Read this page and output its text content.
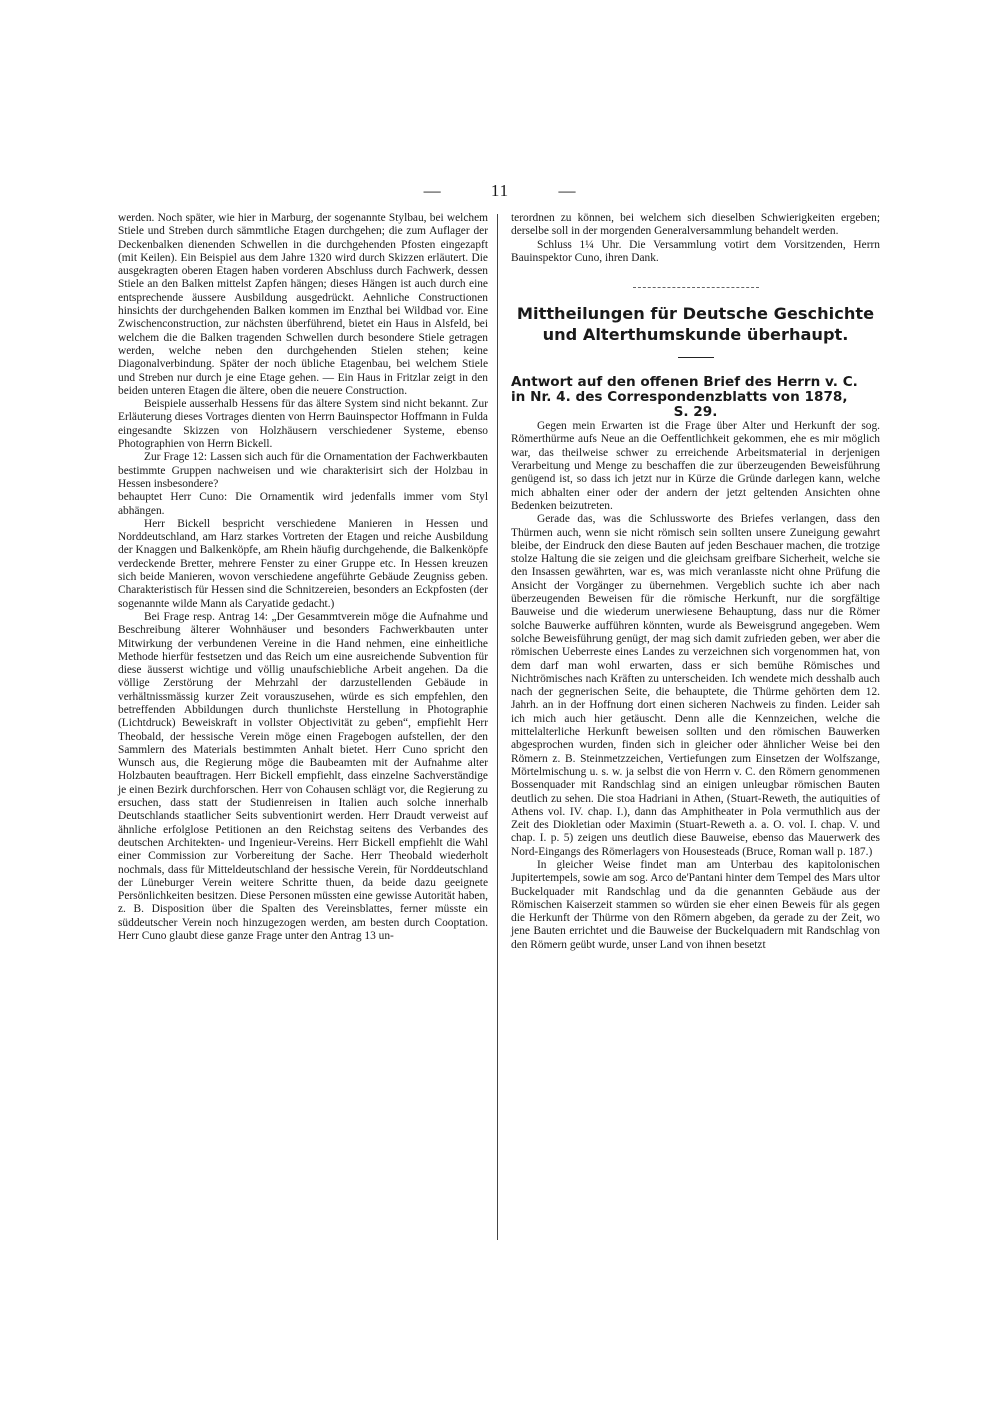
—	11	—

werden. Noch später, wie hier in Marburg, der sogenannte Stylbau, bei welchem Stiele und Streben durch sämmtliche Etagen durchgehen; die zum Auflager der Deckenbalken dienenden Schwellen in die durchgehenden Pfosten eingezapft (mit Keilen). Ein Beispiel aus dem Jahre 1320 wird durch Skizzen erläutert. Die ausgekragten oberen Etagen haben vorderen Abschluss durch Fachwerk, dessen Stiele an den Balken mittelst Zapfen hängen; dieses Hängen ist auch durch eine entsprechende äussere Ausbildung ausgedrückt. Aehnliche Constructionen hinsichts der durchgehenden Balken kommen im Enzthal bei Wildbad vor. Eine Zwischenconstruction, zur nächsten überführend, bietet ein Haus in Alsfeld, bei welchem die die Balken tragenden Schwellen durch besondere Stiele getragen werden, welche neben den durchgehenden Stielen stehen; keine Diagonalverbindung. Später der noch übliche Etagenbau, bei welchem Stiele und Streben nur durch je eine Etage gehen. — Ein Haus in Fritzlar zeigt in den beiden unteren Etagen die ältere, oben die neuere Construction.

Beispiele ausserhalb Hessens für das ältere System sind nicht bekannt. Zur Erläuterung dieses Vortrages dienten von Herrn Bauinspector Hoffmann in Fulda eingesandte Skizzen von Holzhäusern verschiedener Systeme, ebenso Photographien von Herrn Bickell.

Zur Frage 12: Lassen sich auch für die Ornamentation der Fachwerkbauten bestimmte Gruppen nachweisen und wie charakterisirt sich der Holzbau in Hessen insbesondere?

behauptet Herr Cuno: Die Ornamentik wird jedenfalls immer vom Styl abhängen.

Herr Bickell bespricht verschiedene Manieren in Hessen und Norddeutschland, am Harz starkes Vortreten der Etagen und reiche Ausbildung der Knaggen und Balkenköpfe, am Rhein häufig durchgehende, die Balkenköpfe verdeckende Bretter, mehrere Fenster zu einer Gruppe etc. In Hessen kreuzen sich beide Manieren, wovon verschiedene angeführte Gebäude Zeugniss geben. Charakteristisch für Hessen sind die Schnitzereien, besonders an Eckpfosten (der sogenannte wilde Mann als Caryatide gedacht.)

Bei Frage resp. Antrag 14: „Der Gesammtverein möge die Aufnahme und Beschreibung älterer Wohnhäuser und besonders Fachwerkbauten unter Mitwirkung der verbundenen Vereine in die Hand nehmen, eine einheitliche Methode hierfür festsetzen und das Reich um eine ausreichende Subvention für diese äusserst wichtige und völlig unaufschiebliche Arbeit angehen. Da die völlige Zerstörung der Mehrzahl der darzustellenden Gebäude in verhältnissmässig kurzer Zeit vorauszusehen, würde es sich empfehlen, den betreffenden Abbildungen durch thunlichste Herstellung in Photographie (Lichtdruck) Beweiskraft in vollster Objectivität zu geben“, empfiehlt Herr Theobald, der hessische Verein möge einen Fragebogen aufstellen, der den Sammlern des Materials bestimmten Anhalt bietet. Herr Cuno spricht den Wunsch aus, die Regierung möge die Baubeamten mit der Aufnahme alter Holzbauten beauftragen. Herr Bickell empfiehlt, dass einzelne Sachverständige je einen Bezirk durchforschen. Herr von Cohausen schlägt vor, die Regierung zu ersuchen, dass statt der Studienreisen in Italien auch solche innerhalb Deutschlands staatlicher Seits subventionirt werden. Herr Draudt verweist auf ähnliche erfolglose Petitionen an den Reichstag seitens des Verbandes des deutschen Architekten- und Ingenieur-Vereins. Herr Bickell empfiehlt die Wahl einer Commission zur Vorbereitung der Sache. Herr Theobald wiederholt nochmals, dass für Mitteldeutschland der hessische Verein, für Norddeutschland der Lüneburger Verein weitere Schritte thuen, da beide dazu geeignete Persönlichkeiten besitzen. Diese Personen müssten eine gewisse Autorität haben, z. B. Disposition über die Spalten des Vereinsblattes, ferner müsste ein süddeutscher Verein noch hinzugezogen werden, am besten durch Cooptation. Herr Cuno glaubt diese ganze Frage unter den Antrag 13 un-

terordnen zu können, bei welchem sich dieselben Schwierigkeiten ergeben; derselbe soll in der morgenden Generalversammlung behandelt werden.

Schluss 1¼ Uhr. Die Versammlung votirt dem Vorsitzenden, Herrn Bauinspektor Cuno, ihren Dank.

Mittheilungen für Deutsche Geschichte
und Alterthumskunde überhaupt.

Antwort auf den offenen Brief des Herrn v. C.
in Nr. 4. des Correspondenzblatts von 1878,
S. 29.

Gegen mein Erwarten ist die Frage über Alter und Herkunft der sog. Römerthürme aufs Neue an die Oeffentlichkeit gekommen, ehe es mir möglich war, das theilweise schwer zu erreichende Arbeitsmaterial in derjenigen Verarbeitung und Menge zu beschaffen die zur überzeugenden Beweisführung genügend ist, so dass ich jetzt nur in Kürze die Gründe darlegen kann, welche mich abhalten einer oder der andern der jetzt geltenden Ansichten ohne Bedenken beizutreten.

Gerade das, was die Schlussworte des Briefes verlangen, dass den Thürmen auch, wenn sie nicht römisch sein sollten unsere Zuneigung gewahrt bleibe, der Eindruck den diese Bauten auf jeden Beschauer machen, die trotzige stolze Haltung die sie zeigen und die gleichsam greifbare Sicherheit, welche sie den Insassen gewährten, war es, was mich veranlasste nicht ohne Prüfung die Ansicht der Vorgänger zu übernehmen. Vergeblich suchte ich aber nach überzeugenden Beweisen für die römische Herkunft, nur die sorgfältige Bauweise und die wiederum unerwiesene Behauptung, dass nur die Römer solche Bauwerke aufführen könnten, wurde als Beweisgrund angegeben. Wem solche Beweisführung genügt, der mag sich damit zufrieden geben, wer aber die römischen Ueberreste eines Landes zu verzeichnen sich vorgenommen hat, von dem darf man wohl erwarten, dass er sich bemühe Römisches und Nichtrömisches nach Kräften zu unterscheiden. Ich wendete mich desshalb auch nach der gegnerischen Seite, die behauptete, die Thürme gehörten dem 12. Jahrh. an in der Hoffnung dort einen sicheren Nachweis zu finden. Leider sah ich mich auch hier getäuscht. Denn alle die Kennzeichen, welche die mittelalterliche Herkunft beweisen sollten und den römischen Bauwerken abgesprochen wurden, finden sich in gleicher oder ähnlicher Weise bei den Römern z. B. Steinmetzzeichen, Vertiefungen zum Einsetzen der Wolfszange, Mörtelmischung u. s. w. ja selbst die von Herrn v. C. den Römern genommenen Bossenquader mit Randschlag sind an einigen unleugbar römischen Bauten deutlich zu sehen. Die stoa Hadriani in Athen, (Stuart-Reweth, the autiquities of Athens vol. IV. chap. I.), dann das Amphitheater in Pola vermuthlich aus der Zeit des Diokletian oder Maximin (Stuart-Reweth a. a. O. vol. I. chap. V. und chap. I. p. 5) zeigen uns deutlich diese Bauweise, ebenso das Mauerwerk des Nord-Eingangs des Römerlagers von Housesteads (Bruce, Roman wall p. 187.)

In gleicher Weise findet man am Unterbau des kapitolonischen Jupitertempels, sowie am sog. Arco de'Pantani hinter dem Tempel des Mars ultor Buckelquader mit Randschlag und da die genannten Gebäude aus der Römischen Kaiserzeit stammen so würden sie eher einen Beweis für als gegen die Herkunft der Thürme von den Römern abgeben, da gerade zu der Zeit, wo jene Bauten errichtet und die Bauweise der Buckelquadern mit Randschlag von den Römern geübt wurde, unser Land von ihnen besetzt
